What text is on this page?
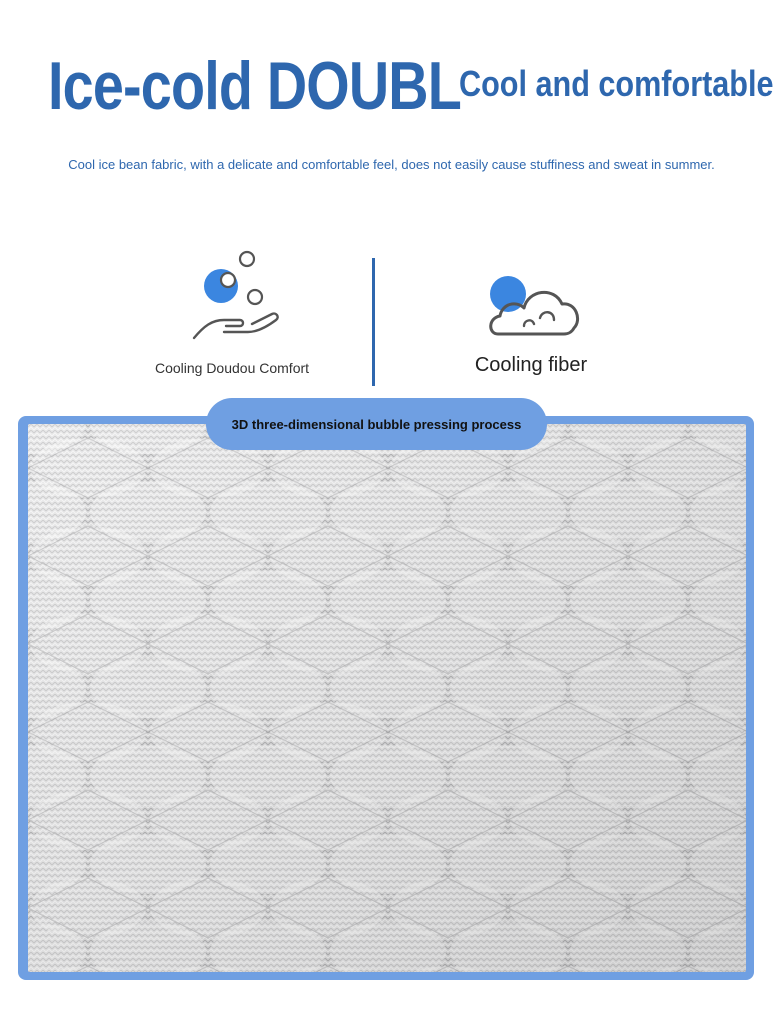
Ice-cold DOUBL
Cool and comfortable
Cool ice bean fabric, with a delicate and comfortable feel, does not easily cause stuffiness and sweat in summer.
Cooling Doudou Comfort	Cooling fiber
3D three-dimensional bubble pressing process
